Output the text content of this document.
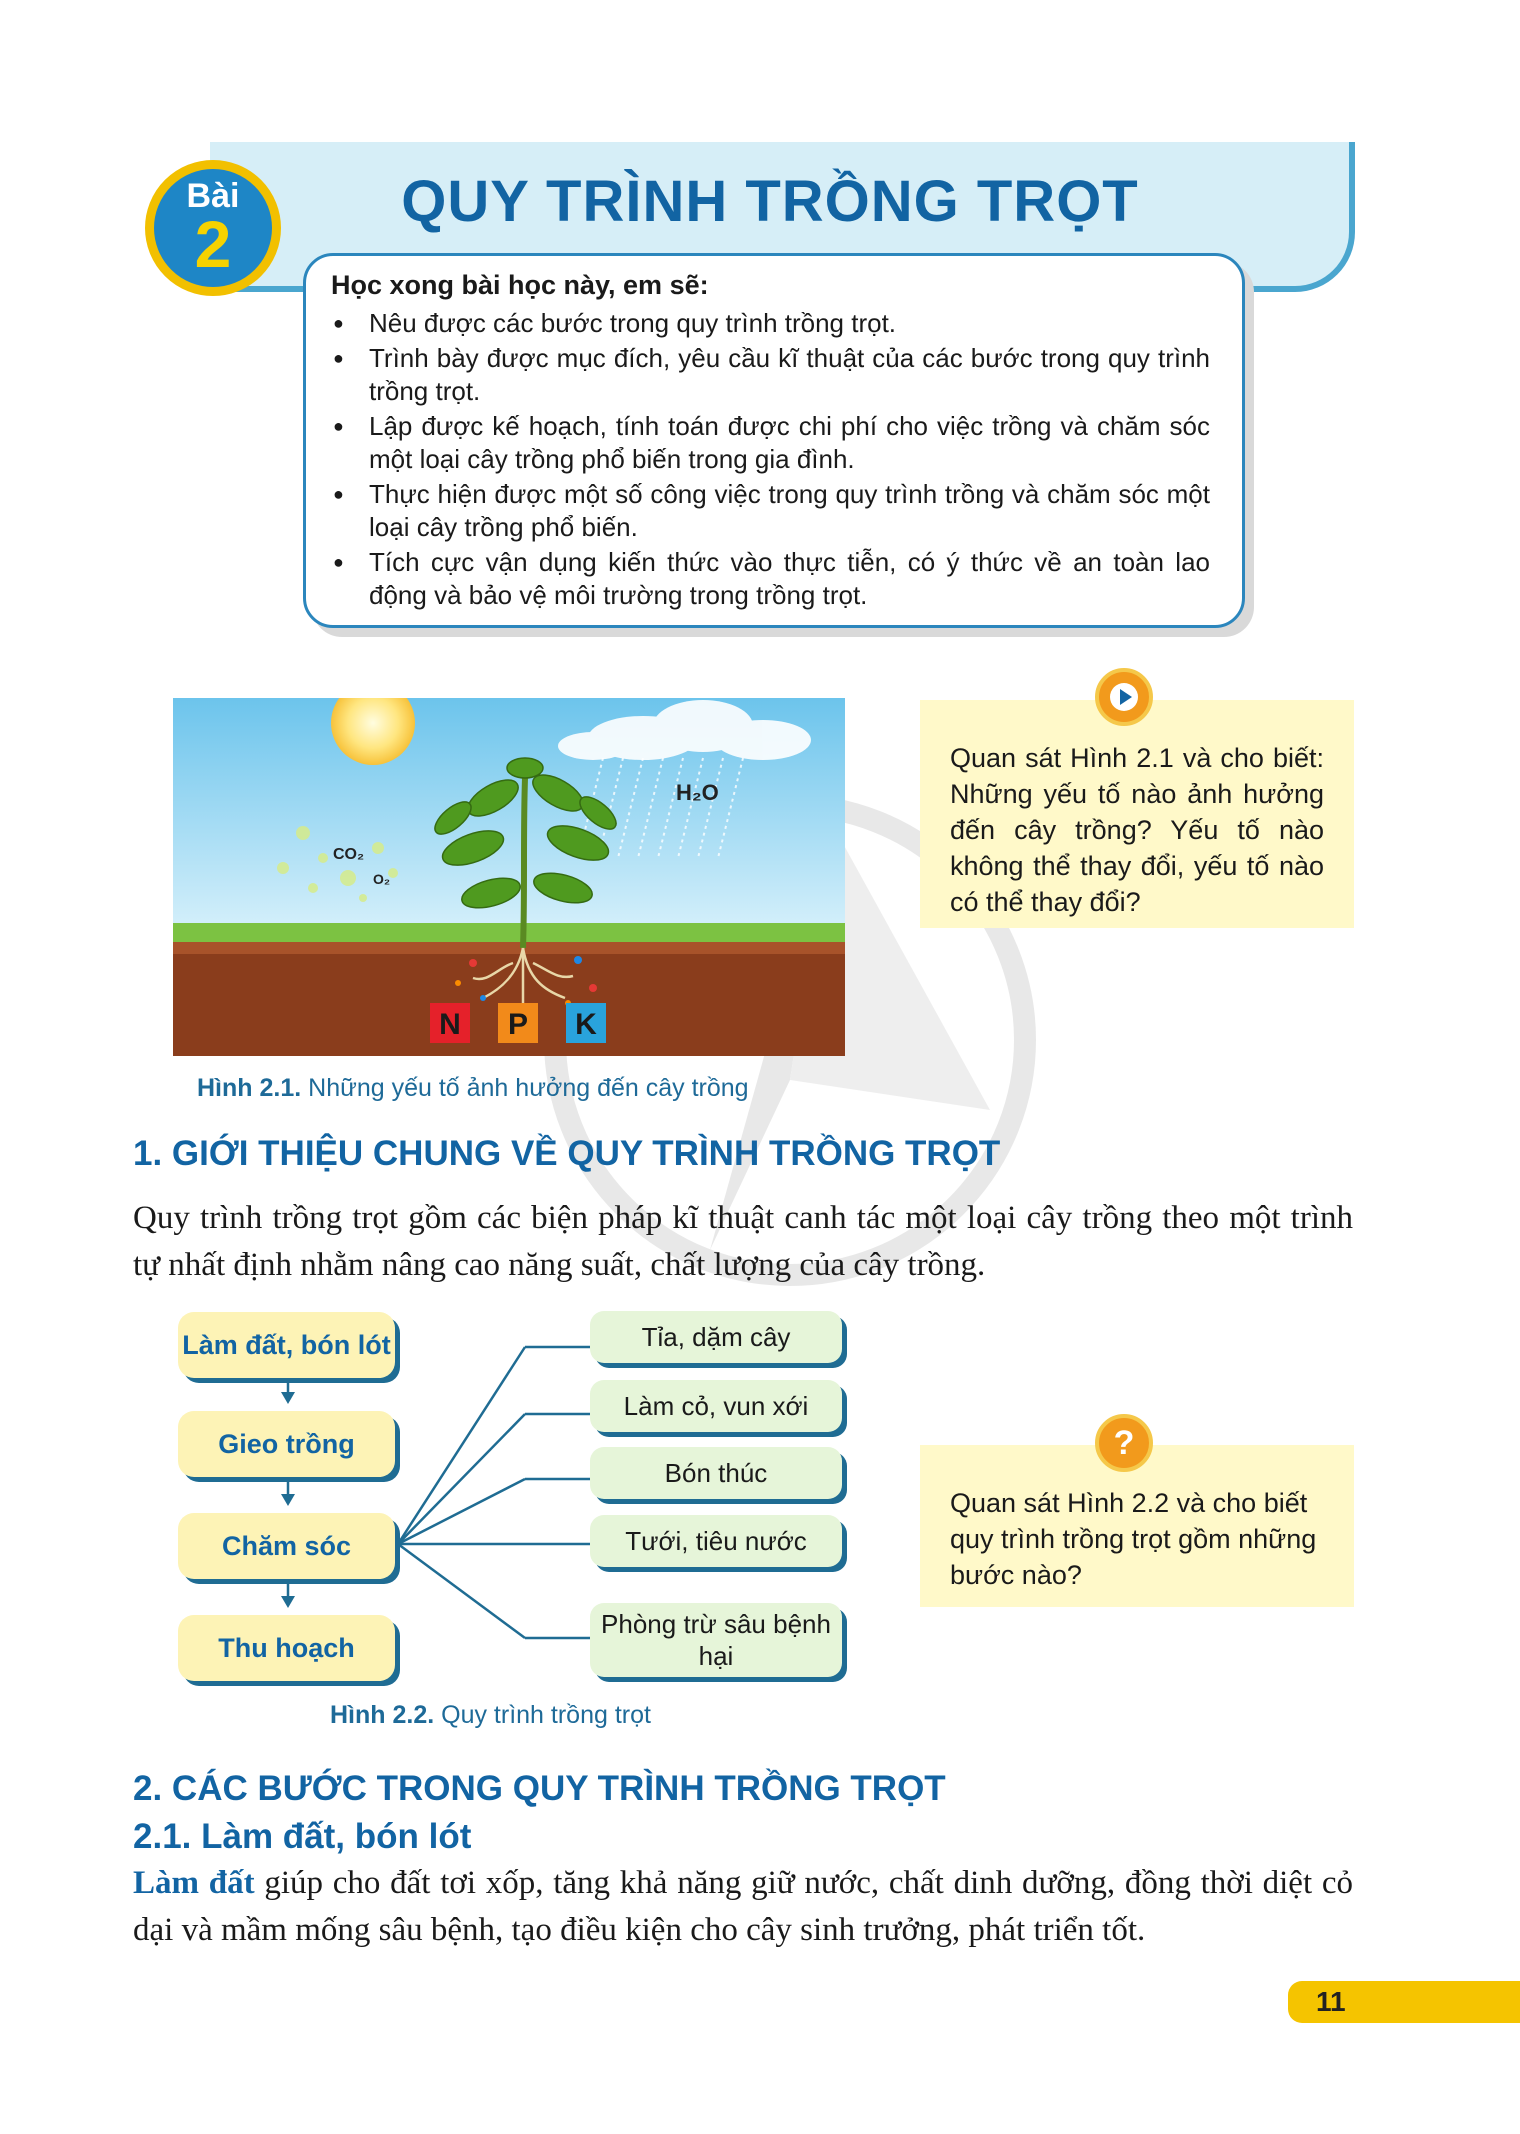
Bài
2
QUY TRÌNH TRỒNG TRỌT
Học xong bài học này, em sẽ:
● Nêu được các bước trong quy trình trồng trọt.
● Trình bày được mục đích, yêu cầu kĩ thuật của các bước trong quy trình trồng trọt.
● Lập được kế hoạch, tính toán được chi phí cho việc trồng và chăm sóc một loại cây trồng phổ biến trong gia đình.
● Thực hiện được một số công việc trong quy trình trồng và chăm sóc một loại cây trồng phổ biến.
● Tích cực vận dụng kiến thức vào thực tiễn, có ý thức về an toàn lao động và bảo vệ môi trường trong trồng trọt.
CO₂
O₂
H₂O
N P K
Hình 2.1. Những yếu tố ảnh hưởng đến cây trồng
Quan sát Hình 2.1 và cho biết: Những yếu tố nào ảnh hưởng đến cây trồng? Yếu tố nào không thể thay đổi, yếu tố nào có thể thay đổi?
1. GIỚI THIỆU CHUNG VỀ QUY TRÌNH TRỒNG TRỌT
Quy trình trồng trọt gồm các biện pháp kĩ thuật canh tác một loại cây trồng theo một trình tự nhất định nhằm nâng cao năng suất, chất lượng của cây trồng.
Làm đất, bón lót
Gieo trồng
Chăm sóc
Thu hoạch
Tỉa, dặm cây
Làm cỏ, vun xới
Bón thúc
Tưới, tiêu nước
Phòng trừ sâu bệnh hại
Hình 2.2. Quy trình trồng trọt
Quan sát Hình 2.2 và cho biết quy trình trồng trọt gồm những bước nào?
?
2. CÁC BƯỚC TRONG QUY TRÌNH TRỒNG TRỌT
2.1. Làm đất, bón lót
Làm đất giúp cho đất tơi xốp, tăng khả năng giữ nước, chất dinh dưỡng, đồng thời diệt cỏ dại và mầm mống sâu bệnh, tạo điều kiện cho cây sinh trưởng, phát triển tốt.
11
